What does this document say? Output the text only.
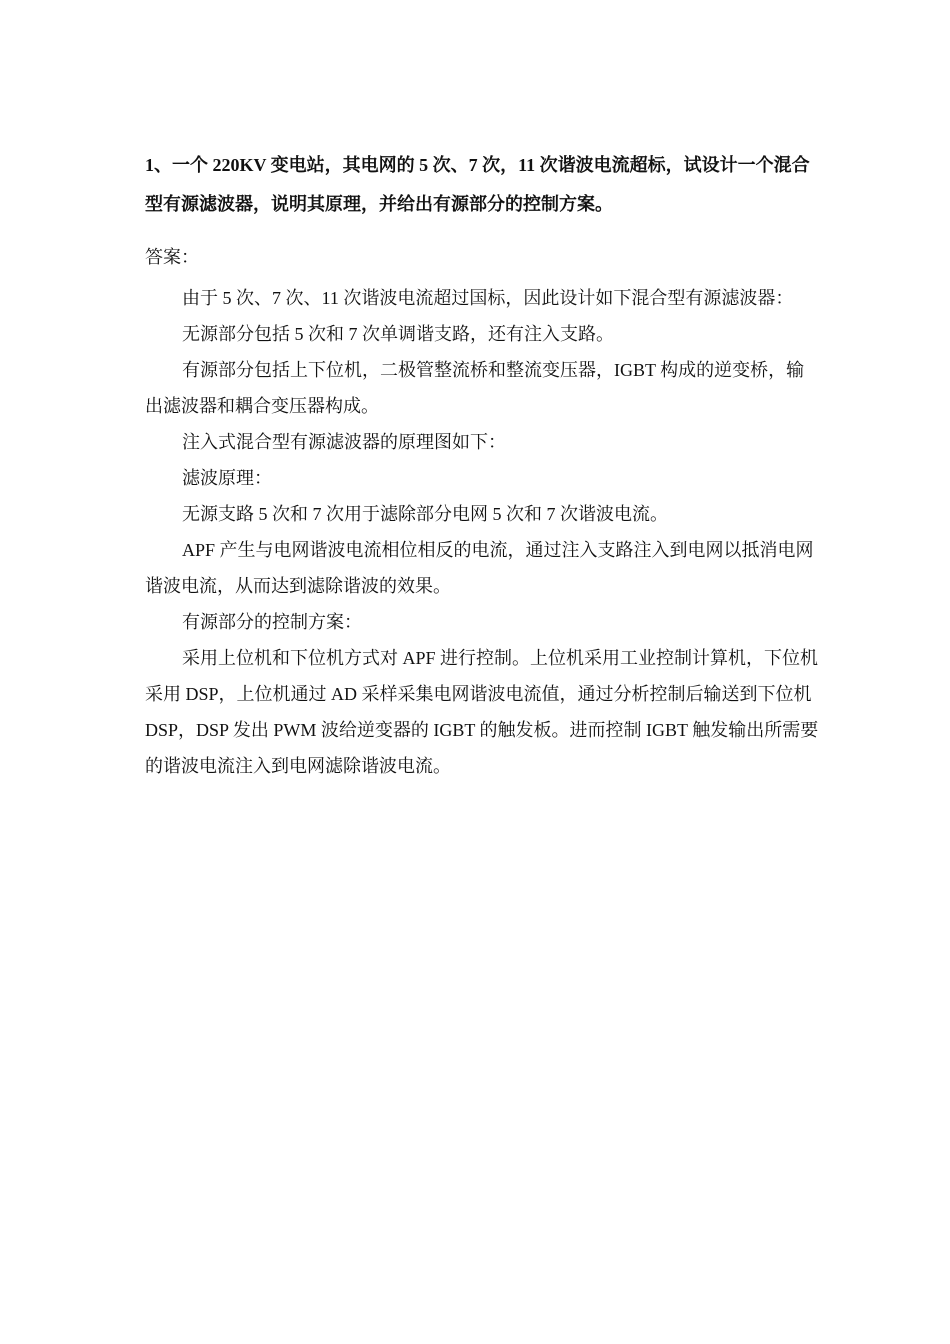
1、一个 220KV 变电站，其电网的 5 次、7 次，11 次谐波电流超标，试设计一个混合型有源滤波器，说明其原理，并给出有源部分的控制方案。

答案：

由于 5 次、7 次、11 次谐波电流超过国标，因此设计如下混合型有源滤波器：

无源部分包括 5 次和 7 次单调谐支路，还有注入支路。

有源部分包括上下位机，二极管整流桥和整流变压器，IGBT 构成的逆变桥，输出滤波器和耦合变压器构成。

注入式混合型有源滤波器的原理图如下：

滤波原理：

无源支路 5 次和 7 次用于滤除部分电网 5 次和 7 次谐波电流。

APF 产生与电网谐波电流相位相反的电流，通过注入支路注入到电网以抵消电网谐波电流，从而达到滤除谐波的效果。

有源部分的控制方案：

采用上位机和下位机方式对 APF 进行控制。上位机采用工业控制计算机，下位机采用 DSP，上位机通过 AD 采样采集电网谐波电流值，通过分析控制后输送到下位机 DSP，DSP 发出 PWM 波给逆变器的 IGBT 的触发板。进而控制 IGBT 触发输出所需要的谐波电流注入到电网滤除谐波电流。
